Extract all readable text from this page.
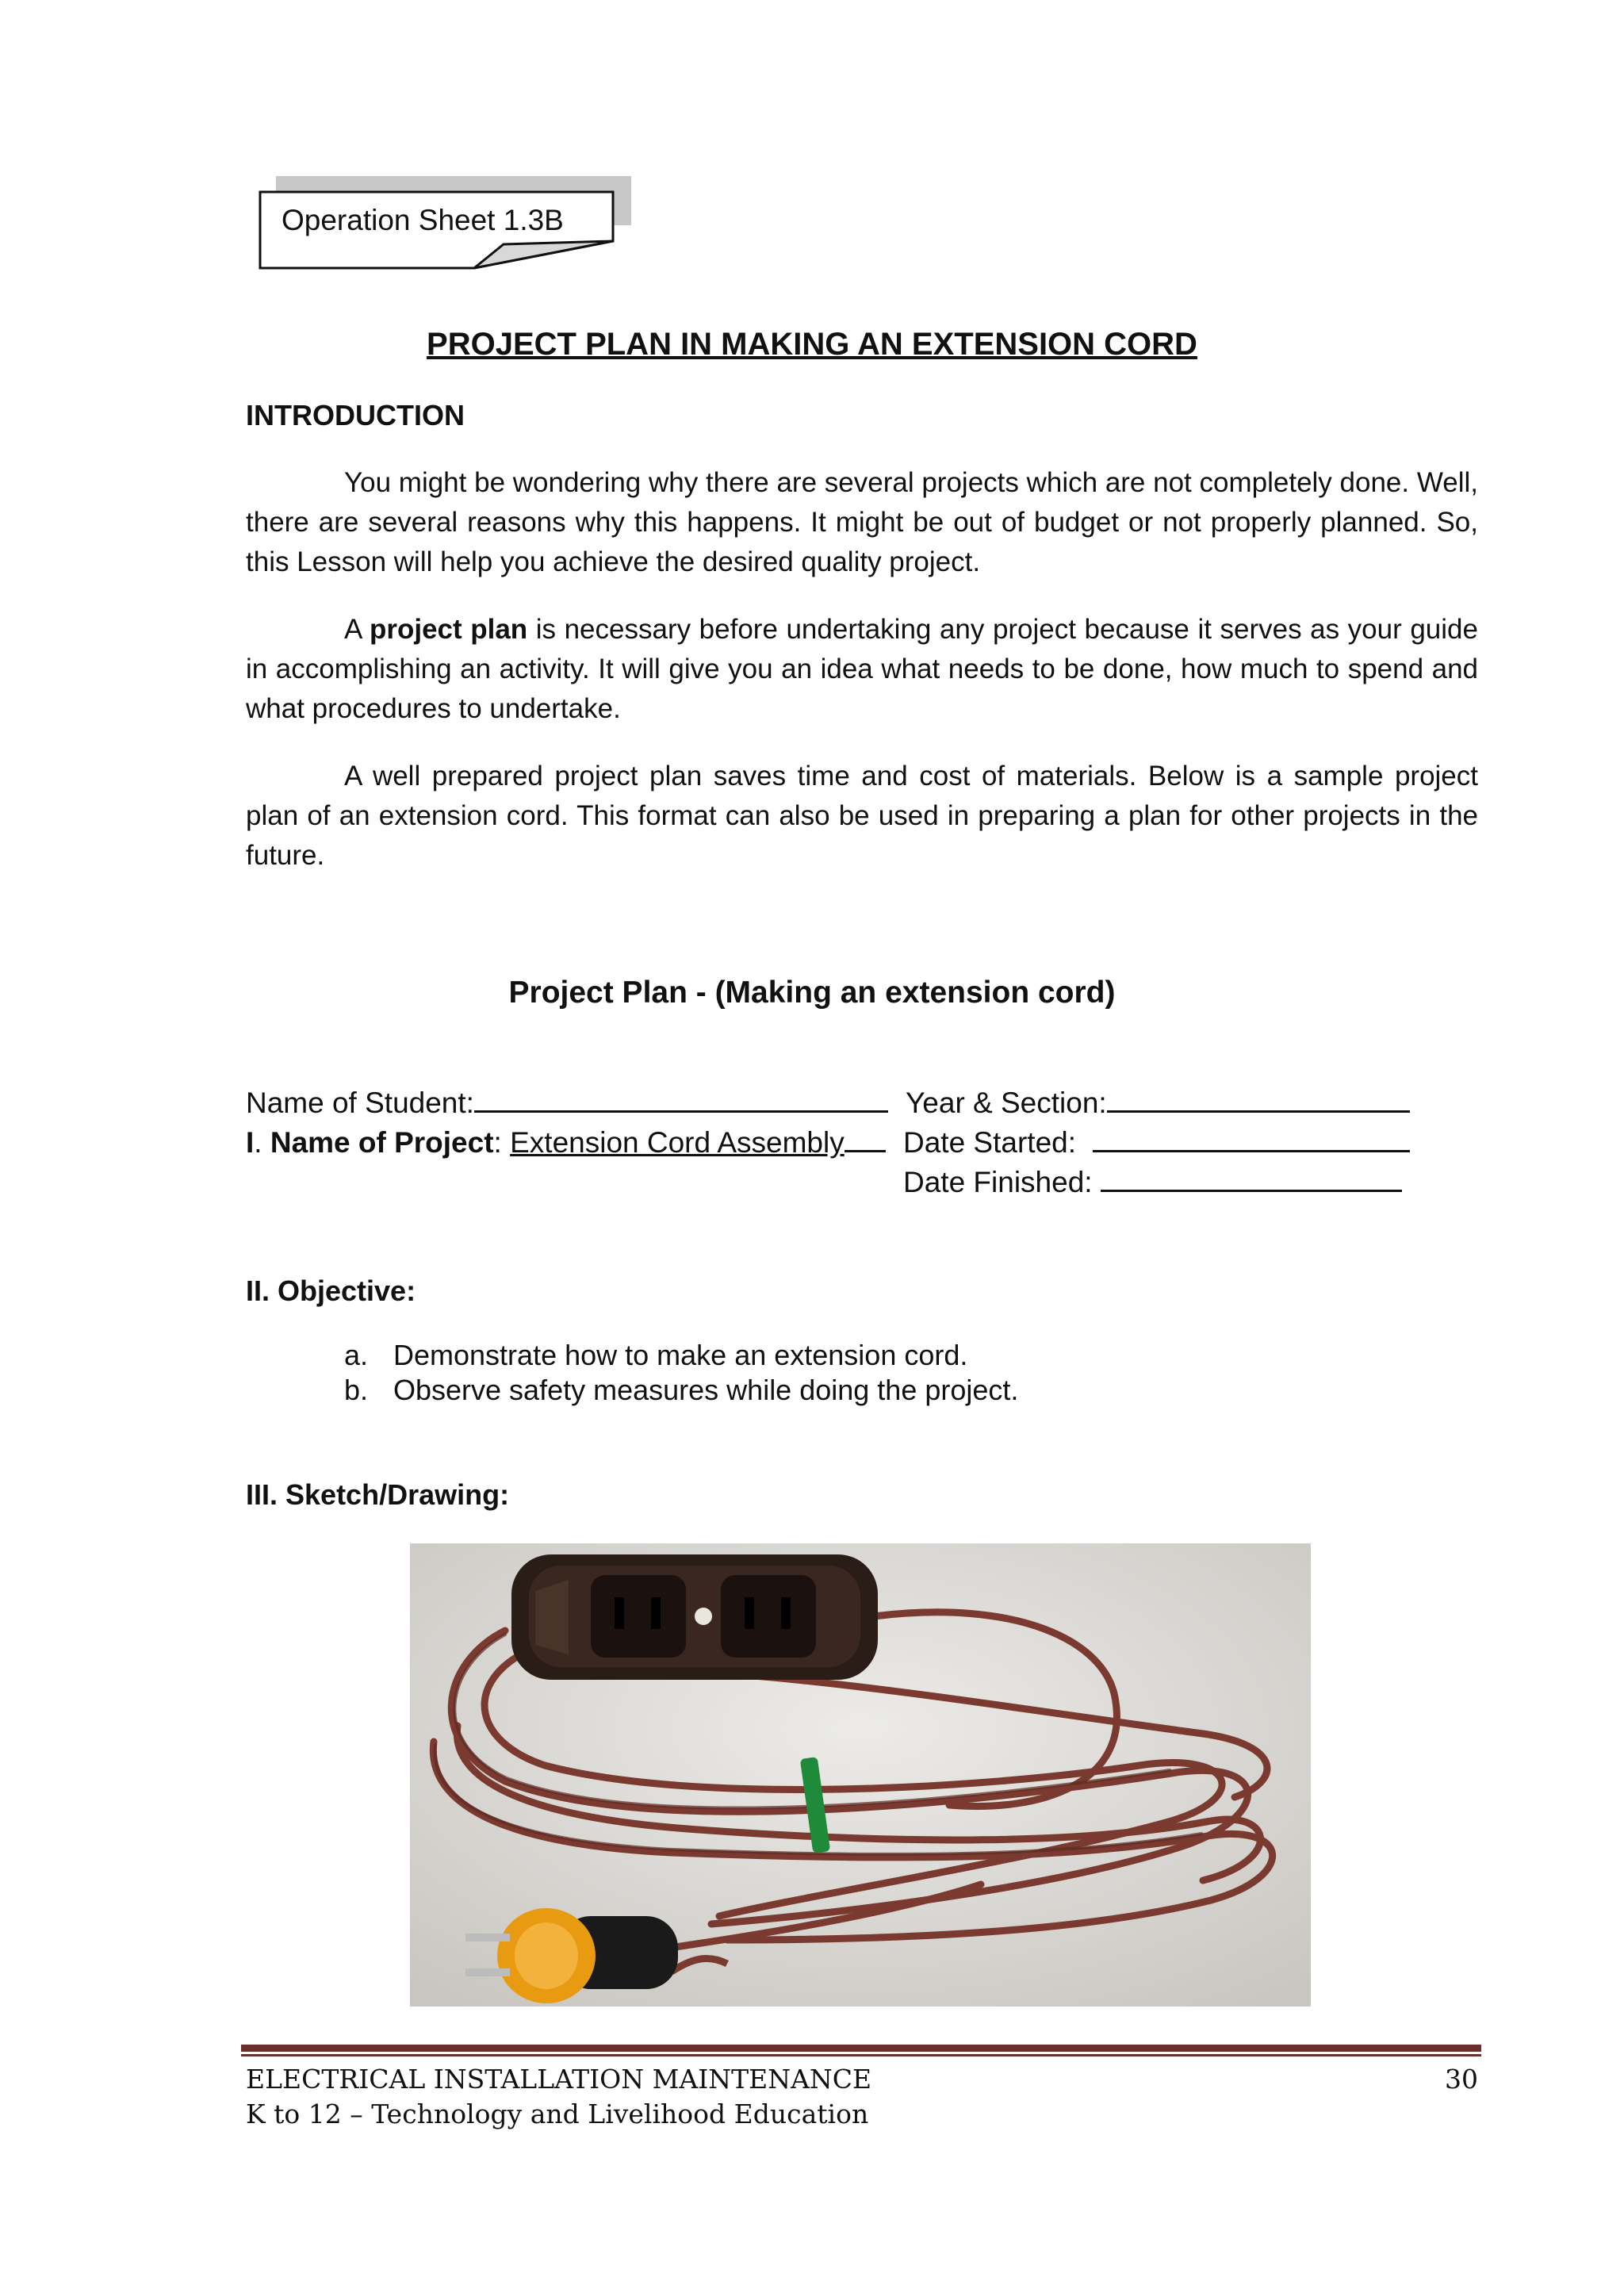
Operation Sheet 1.3B
PROJECT PLAN IN MAKING AN EXTENSION CORD
INTRODUCTION

You might be wondering why there are several projects which are not completely done. Well, there are several reasons why this happens. It might be out of budget or not properly planned. So, this Lesson will help you achieve the desired quality project.

A project plan is necessary before undertaking any project because it serves as your guide in accomplishing an activity. It will give you an idea what needs to be done, how much to spend and what procedures to undertake.

A well prepared project plan saves time and cost of materials. Below is a sample project plan of an extension cord. This format can also be used in preparing a plan for other projects in the future.

Project Plan - (Making an extension cord)
Name of Student:	Year & Section:
I. Name of Project: Extension Cord Assembly	Date Started:
Date Finished:
II. Objective:
a. Demonstrate how to make an extension cord.
b. Observe safety measures while doing the project.
III. Sketch/Drawing:
ELECTRICAL INSTALLATION MAINTENANCE
K to 12 – Technology and Livelihood Education
30
